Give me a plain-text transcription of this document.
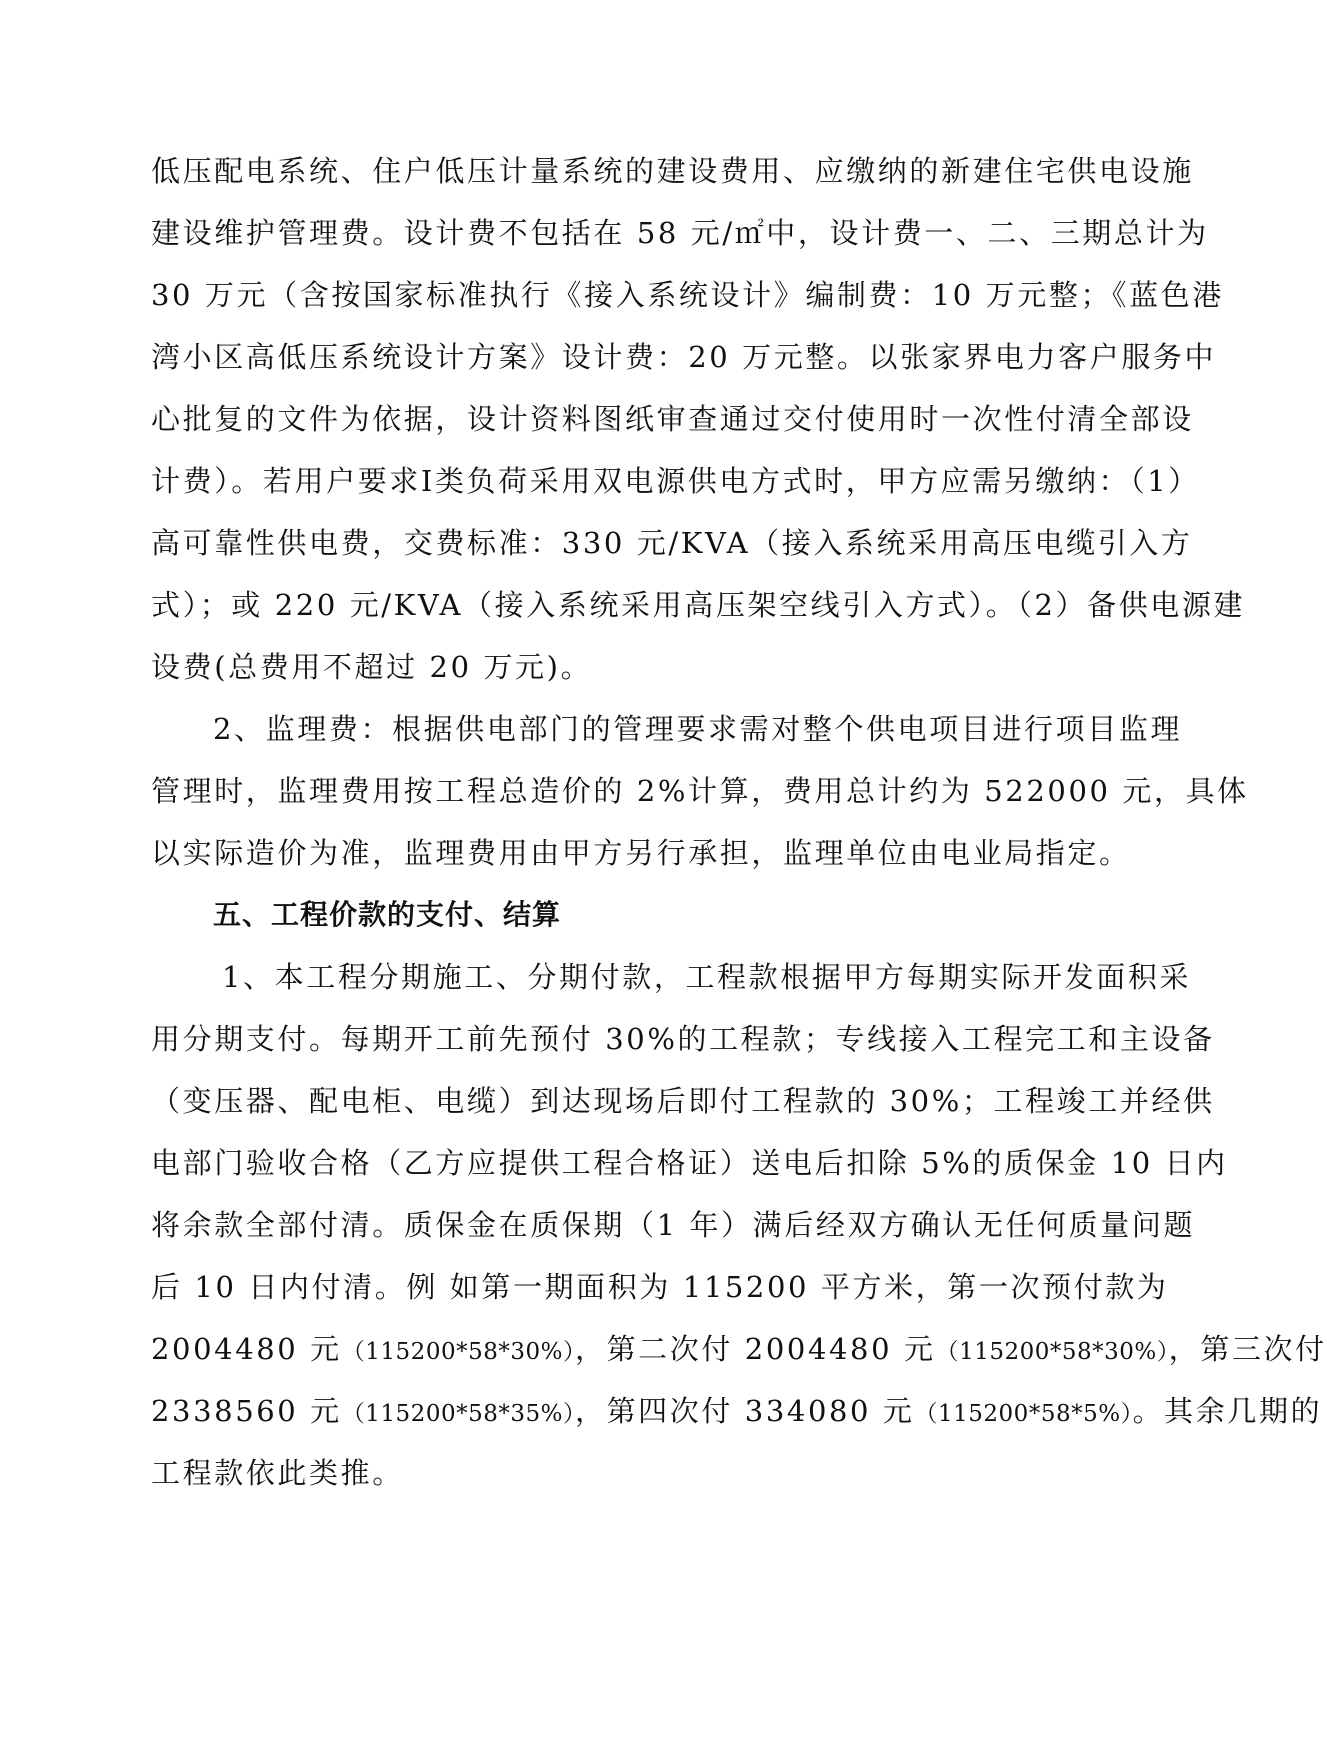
低压配电系统、住户低压计量系统的建设费用、应缴纳的新建住宅供电设施
建设维护管理费。设计费不包括在 58 元/㎡中，设计费一、二、三期总计为
30 万元（含按国家标准执行《接入系统设计》编制费：10 万元整；《蓝色港
湾小区高低压系统设计方案》设计费：20 万元整。以张家界电力客户服务中
心批复的文件为依据，设计资料图纸审查通过交付使用时一次性付清全部设
计费）。若用户要求Ⅰ类负荷采用双电源供电方式时，甲方应需另缴纳：（1）
高可靠性供电费，交费标准：330 元/KVA（接入系统采用高压电缆引入方
式）；或 220 元/KVA（接入系统采用高压架空线引入方式）。（2）备供电源建
设费(总费用不超过 20 万元)。
2、监理费：根据供电部门的管理要求需对整个供电项目进行项目监理
管理时，监理费用按工程总造价的 2%计算，费用总计约为 522000 元，具体
以实际造价为准，监理费用由甲方另行承担，监理单位由电业局指定。
五、工程价款的支付、结算
1、本工程分期施工、分期付款，工程款根据甲方每期实际开发面积采
用分期支付。每期开工前先预付 30%的工程款；专线接入工程完工和主设备
（变压器、配电柜、电缆）到达现场后即付工程款的 30%；工程竣工并经供
电部门验收合格（乙方应提供工程合格证）送电后扣除 5%的质保金 10 日内
将余款全部付清。质保金在质保期（1 年）满后经双方确认无任何质量问题
后 10 日内付清。例 如第一期面积为 115200 平方米，第一次预付款为
2004480 元（115200*58*30%），第二次付 2004480 元（115200*58*30%），第三次付
2338560 元（115200*58*35%），第四次付 334080 元（115200*58*5%）。其余几期的
工程款依此类推。
